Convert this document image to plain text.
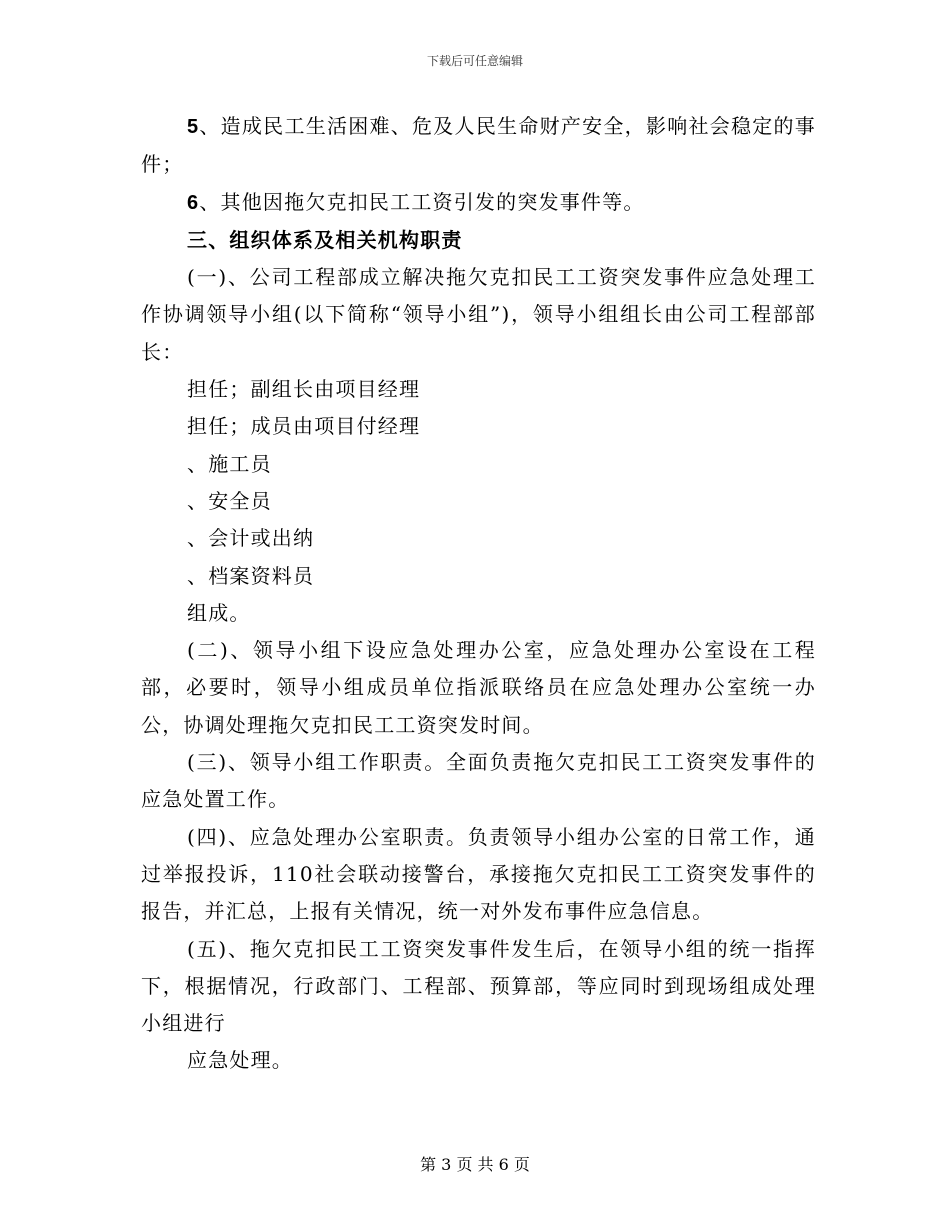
下载后可任意编辑

5、造成民工生活困难、危及人民生命财产安全，影响社会稳定的事件；

6、其他因拖欠克扣民工工资引发的突发事件等。

三、组织体系及相关机构职责

(一)、公司工程部成立解决拖欠克扣民工工资突发事件应急处理工作协调领导小组(以下简称“领导小组”)，领导小组组长由公司工程部部长：

担任；副组长由项目经理

担任；成员由项目付经理

、施工员

、安全员

、会计或出纳

、档案资料员

组成。

(二)、领导小组下设应急处理办公室，应急处理办公室设在工程部，必要时，领导小组成员单位指派联络员在应急处理办公室统一办公，协调处理拖欠克扣民工工资突发时间。

(三)、领导小组工作职责。全面负责拖欠克扣民工工资突发事件的应急处置工作。

(四)、应急处理办公室职责。负责领导小组办公室的日常工作，通过举报投诉，110社会联动接警台，承接拖欠克扣民工工资突发事件的报告，并汇总，上报有关情况，统一对外发布事件应急信息。

(五)、拖欠克扣民工工资突发事件发生后，在领导小组的统一指挥下，根据情况，行政部门、工程部、预算部，等应同时到现场组成处理小组进行

应急处理。

第 3 页 共 6 页
